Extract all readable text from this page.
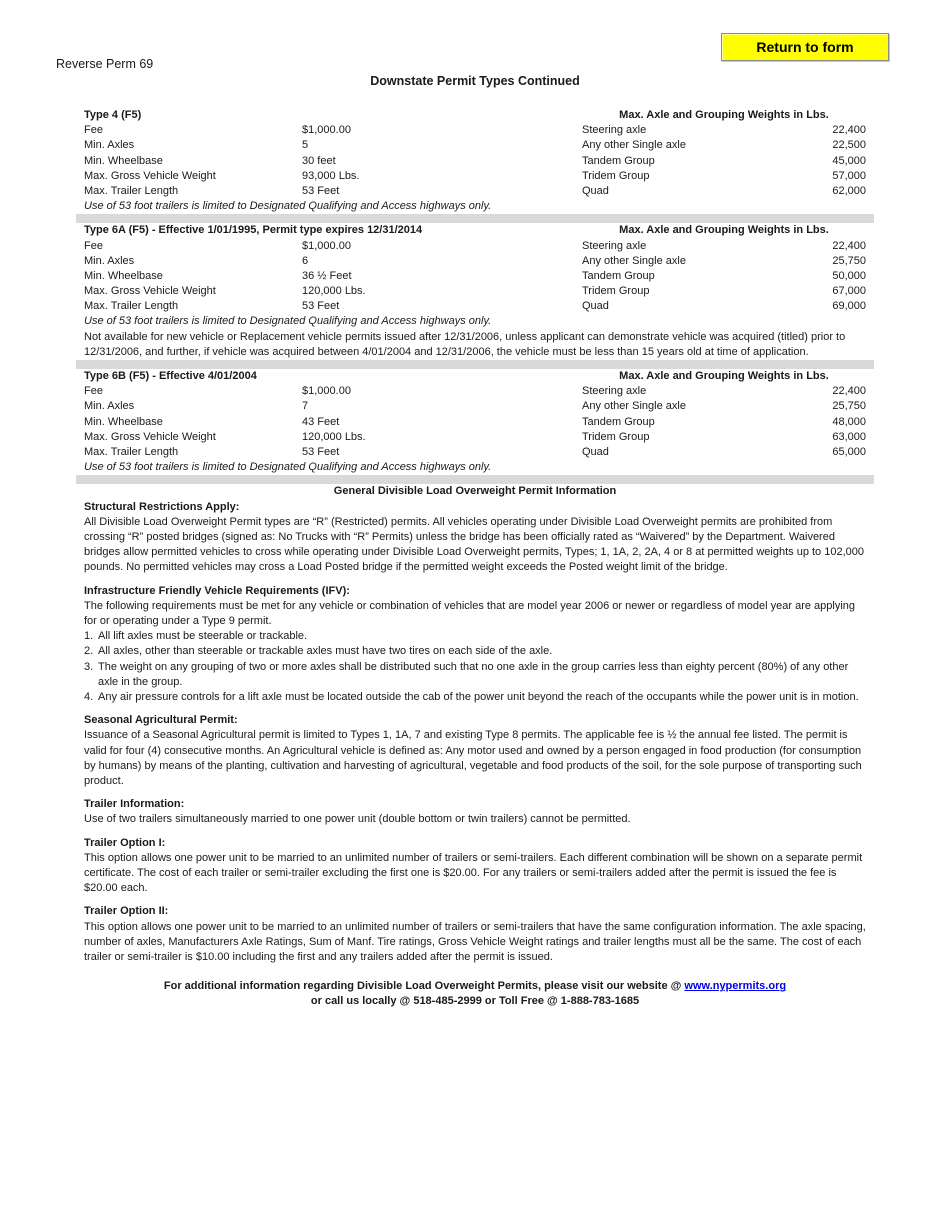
Return to form
Reverse Perm 69
Downstate Permit Types Continued
Type 4 (F5)	Max. Axle and Grouping Weights in Lbs.
Fee	$1,000.00	Steering axle	22,400
Min. Axles	5	Any other Single axle	22,500
Min. Wheelbase	30 feet	Tandem Group	45,000
Max. Gross Vehicle Weight	93,000 Lbs.	Tridem Group	57,000
Max. Trailer Length	53 Feet	Quad	62,000
Use of 53 foot trailers is limited to Designated Qualifying and Access highways only.
Type 6A (F5) - Effective 1/01/1995, Permit type expires 12/31/2014	Max. Axle and Grouping Weights in Lbs.
Fee	$1,000.00	Steering axle	22,400
Min. Axles	6	Any other Single axle	25,750
Min. Wheelbase	36 ½ Feet	Tandem Group	50,000
Max. Gross Vehicle Weight	120,000 Lbs.	Tridem Group	67,000
Max. Trailer Length	53 Feet	Quad	69,000
Use of 53 foot trailers is limited to Designated Qualifying and Access highways only.
Not available for new vehicle or Replacement vehicle permits issued after 12/31/2006, unless applicant can demonstrate vehicle was acquired (titled) prior to 12/31/2006, and further, if vehicle was acquired between 4/01/2004 and 12/31/2006, the vehicle must be less than 15 years old at time of application.
Type 6B (F5) - Effective 4/01/2004	Max. Axle and Grouping Weights in Lbs.
Fee	$1,000.00	Steering axle	22,400
Min. Axles	7	Any other Single axle	25,750
Min. Wheelbase	43 Feet	Tandem Group	48,000
Max. Gross Vehicle Weight	120,000 Lbs.	Tridem Group	63,000
Max. Trailer Length	53 Feet	Quad	65,000
Use of 53 foot trailers is limited to Designated Qualifying and Access highways only.
General Divisible Load Overweight Permit Information
Structural Restrictions Apply:
All Divisible Load Overweight Permit types are “R” (Restricted) permits. All vehicles operating under Divisible Load Overweight permits are prohibited from crossing “R” posted bridges (signed as: No Trucks with “R” Permits) unless the bridge has been officially rated as “Waivered” by the Department. Waivered bridges allow permitted vehicles to cross while operating under Divisible Load Overweight permits, Types; 1, 1A, 2, 2A, 4 or 8 at permitted weights up to 102,000 pounds. No permitted vehicles may cross a Load Posted bridge if the permitted weight exceeds the Posted weight limit of the bridge.
Infrastructure Friendly Vehicle Requirements (IFV):
The following requirements must be met for any vehicle or combination of vehicles that are model year 2006 or newer or regardless of model year are applying for or operating under a Type 9 permit.
1. All lift axles must be steerable or trackable.
2. All axles, other than steerable or trackable axles must have two tires on each side of the axle.
3. The weight on any grouping of two or more axles shall be distributed such that no one axle in the group carries less than eighty percent (80%) of any other axle in the group.
4. Any air pressure controls for a lift axle must be located outside the cab of the power unit beyond the reach of the occupants while the power unit is in motion.
Seasonal Agricultural Permit:
Issuance of a Seasonal Agricultural permit is limited to Types 1, 1A, 7 and existing Type 8 permits. The applicable fee is ½ the annual fee listed. The permit is valid for four (4) consecutive months. An Agricultural vehicle is defined as: Any motor used and owned by a person engaged in food production (for consumption by humans) by means of the planting, cultivation and harvesting of agricultural, vegetable and food products of the soil, for the sole purpose of transporting such product.
Trailer Information:
Use of two trailers simultaneously married to one power unit (double bottom or twin trailers) cannot be permitted.
Trailer Option I:
This option allows one power unit to be married to an unlimited number of trailers or semi-trailers. Each different combination will be shown on a separate permit certificate. The cost of each trailer or semi-trailer excluding the first one is $20.00. For any trailers or semi-trailers added after the permit is issued the fee is $20.00 each.
Trailer Option II:
This option allows one power unit to be married to an unlimited number of trailers or semi-trailers that have the same configuration information. The axle spacing, number of axles, Manufacturers Axle Ratings, Sum of Manf. Tire ratings, Gross Vehicle Weight ratings and trailer lengths must all be the same. The cost of each trailer or semi-trailer is $10.00 including the first and any trailers added after the permit is issued.
For additional information regarding Divisible Load Overweight Permits, please visit our website @ www.nypermits.org
or call us locally @ 518-485-2999 or Toll Free @ 1-888-783-1685
